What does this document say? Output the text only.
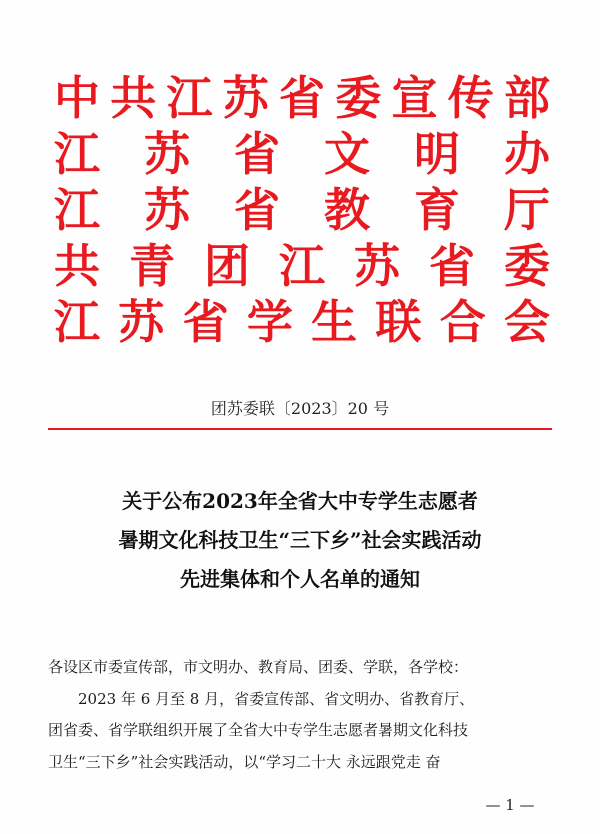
中 共 江 苏 省 委 宣 传 部
江 苏 省 文 明 办
江 苏 省 教 育 厅
共 青 团 江 苏 省 委
江 苏 省 学 生 联 合 会
团苏委联〔2023〕20 号
关于公布2023年全省大中专学生志愿者
暑期文化科技卫生“三下乡”社会实践活动
先进集体和个人名单的通知
各设区市委宣传部，市文明办、教育局、团委、学联，各学校：
2023 年 6 月至 8 月，省委宣传部、省文明办、省教育厅、
团省委、省学联组织开展了全省大中专学生志愿者暑期文化科技
卫生“三下乡”社会实践活动，以“学习二十大 永远跟党走 奋
— 1 —
